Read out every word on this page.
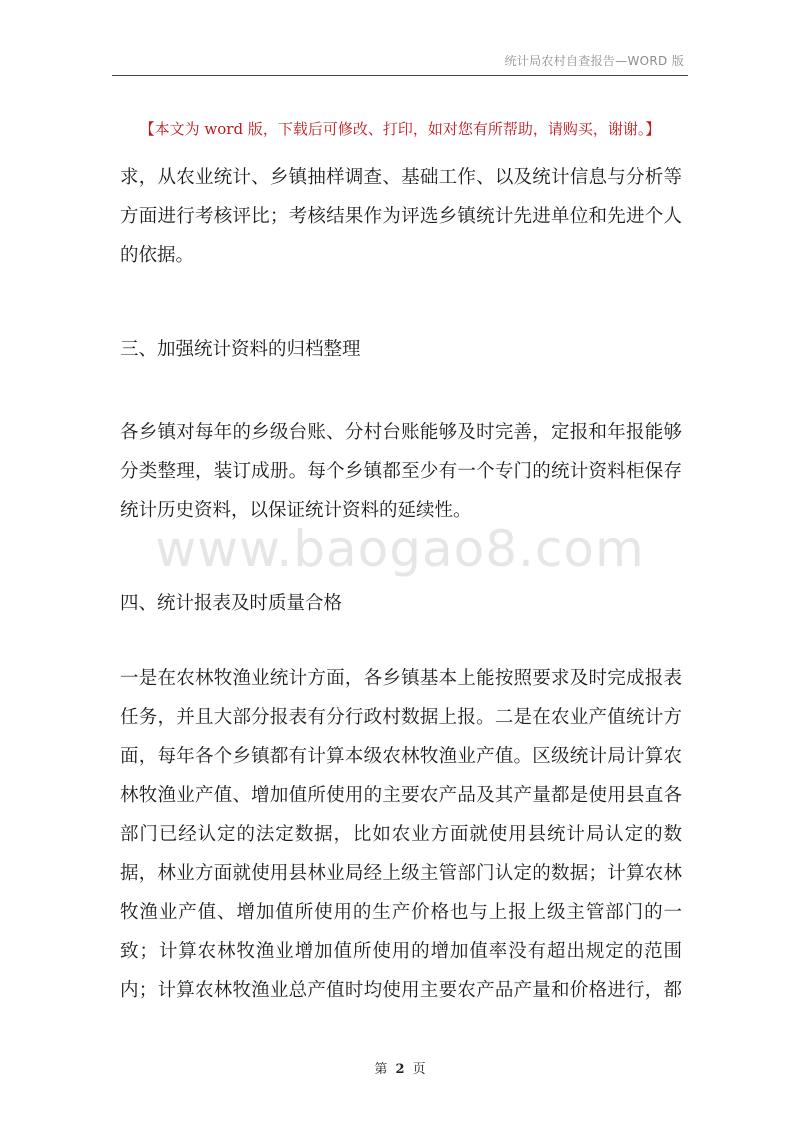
统计局农村自查报告—WORD 版
【本文为 word 版，下载后可修改、打印，如对您有所帮助，请购买，谢谢。】
求，从农业统计、乡镇抽样调查、基础工作、以及统计信息与分析等
方面进行考核评比；考核结果作为评选乡镇统计先进单位和先进个人
的依据。
三、加强统计资料的归档整理
各乡镇对每年的乡级台账、分村台账能够及时完善，定报和年报能够
分类整理，装订成册。每个乡镇都至少有一个专门的统计资料柜保存
统计历史资料，以保证统计资料的延续性。
www.baogao8.com
四、统计报表及时质量合格
一是在农林牧渔业统计方面，各乡镇基本上能按照要求及时完成报表
任务，并且大部分报表有分行政村数据上报。二是在农业产值统计方
面，每年各个乡镇都有计算本级农林牧渔业产值。区级统计局计算农
林牧渔业产值、增加值所使用的主要农产品及其产量都是使用县直各
部门已经认定的法定数据，比如农业方面就使用县统计局认定的数
据，林业方面就使用县林业局经上级主管部门认定的数据；计算农林
牧渔业产值、增加值所使用的生产价格也与上报上级主管部门的一
致；计算农林牧渔业增加值所使用的增加值率没有超出规定的范围
内；计算农林牧渔业总产值时均使用主要农产品产量和价格进行，都
第 2 页
